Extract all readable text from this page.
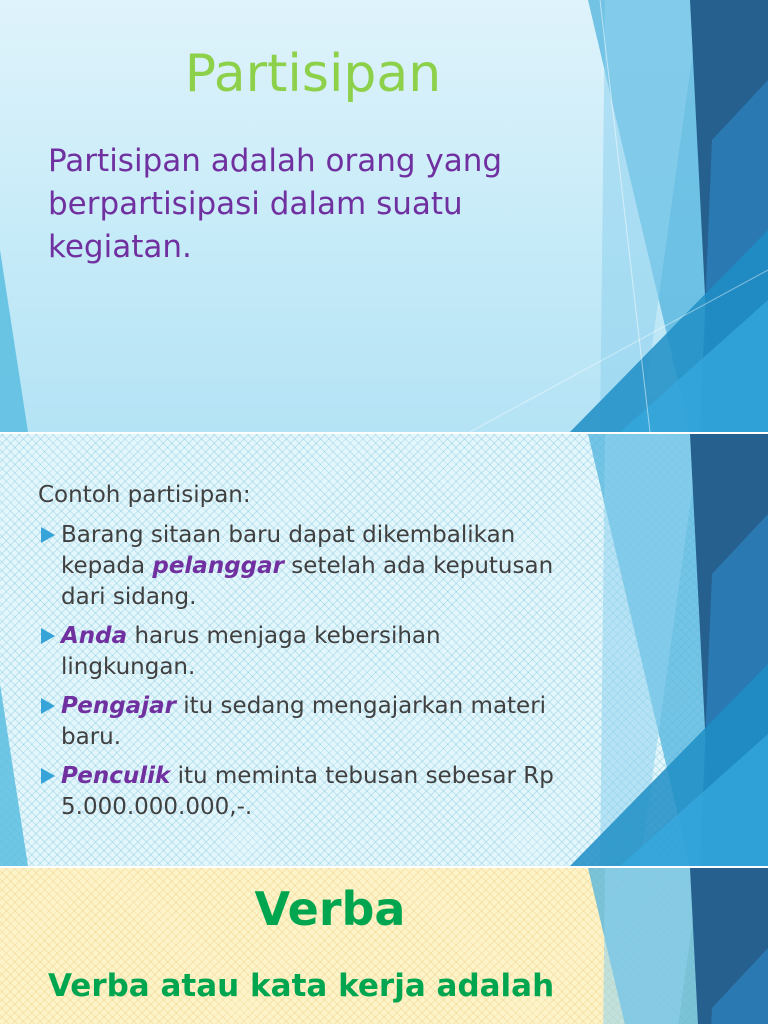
Partisipan

Partisipan adalah orang yang berpartisipasi dalam suatu kegiatan.

Contoh partisipan:

Barang sitaan baru dapat dikembalikan kepada pelanggar setelah ada keputusan dari sidang.
Anda harus menjaga kebersihan lingkungan.
Pengajar itu sedang mengajarkan materi baru.
Penculik itu meminta tebusan sebesar Rp 5.000.000.000,-.
Verba

Verba atau kata kerja adalah
